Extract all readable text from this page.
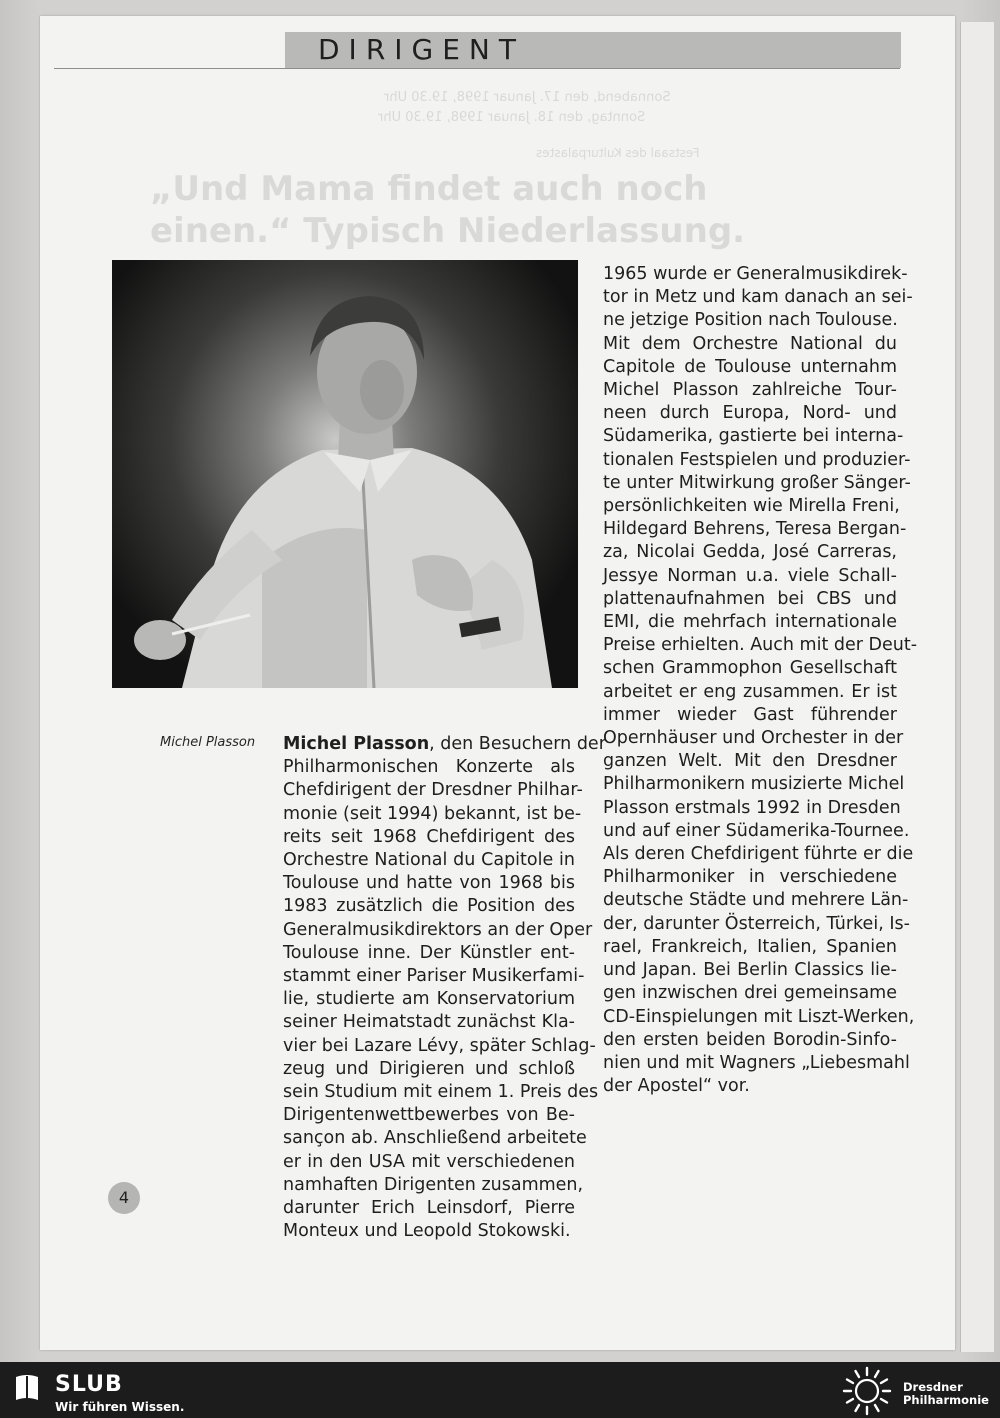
DIRIGENT
Sonnabend, den 17. Januar 1998, 19.30 Uhr
Sonntag, den 18. Januar 1998, 19.30 Uhr
Festsaal des Kulturpalastes
„Und Mama findet auch noch einen.“ Typisch Niederlassung.
Michel Plasson Michel Plasson, den Besuchern der
Philharmonischen Konzerte als
Chefdirigent der Dresdner Philhar-
monie (seit 1994) bekannt, ist be-
reits seit 1968 Chefdirigent des
Orchestre National du Capitole in
Toulouse und hatte von 1968 bis
1983 zusätzlich die Position des
Generalmusikdirektors an der Oper
Toulouse inne. Der Künstler ent-
stammt einer Pariser Musikerfami-
lie, studierte am Konservatorium
seiner Heimatstadt zunächst Kla-
vier bei Lazare Lévy, später Schlag-
zeug und Dirigieren und schloß
sein Studium mit einem 1. Preis des
Dirigentenwettbewerbes von Be-
sançon ab. Anschließend arbeitete
er in den USA mit verschiedenen
namhaften Dirigenten zusammen,
darunter Erich Leinsdorf, Pierre
Monteux und Leopold Stokowski.
1965 wurde er Generalmusikdirek-
tor in Metz und kam danach an sei-
ne jetzige Position nach Toulouse.
Mit dem Orchestre National du
Capitole de Toulouse unternahm
Michel Plasson zahlreiche Tour-
neen durch Europa, Nord- und
Südamerika, gastierte bei interna-
tionalen Festspielen und produzier-
te unter Mitwirkung großer Sänger-
persönlichkeiten wie Mirella Freni,
Hildegard Behrens, Teresa Bergan-
za, Nicolai Gedda, José Carreras,
Jessye Norman u.a. viele Schall-
plattenaufnahmen bei CBS und
EMI, die mehrfach internationale
Preise erhielten. Auch mit der Deut-
schen Grammophon Gesellschaft
arbeitet er eng zusammen. Er ist
immer wieder Gast führender
Opernhäuser und Orchester in der
ganzen Welt. Mit den Dresdner
Philharmonikern musizierte Michel
Plasson erstmals 1992 in Dresden
und auf einer Südamerika-Tournee.
Als deren Chefdirigent führte er die
Philharmoniker in verschiedene
deutsche Städte und mehrere Län-
der, darunter Österreich, Türkei, Is-
rael, Frankreich, Italien, Spanien
und Japan. Bei Berlin Classics lie-
gen inzwischen drei gemeinsame
CD-Einspielungen mit Liszt-Werken,
den ersten beiden Borodin-Sinfo-
nien und mit Wagners „Liebesmahl
der Apostel“ vor.
4
SLUB
Wir führen Wissen.
Dresdner
Philharmonie
